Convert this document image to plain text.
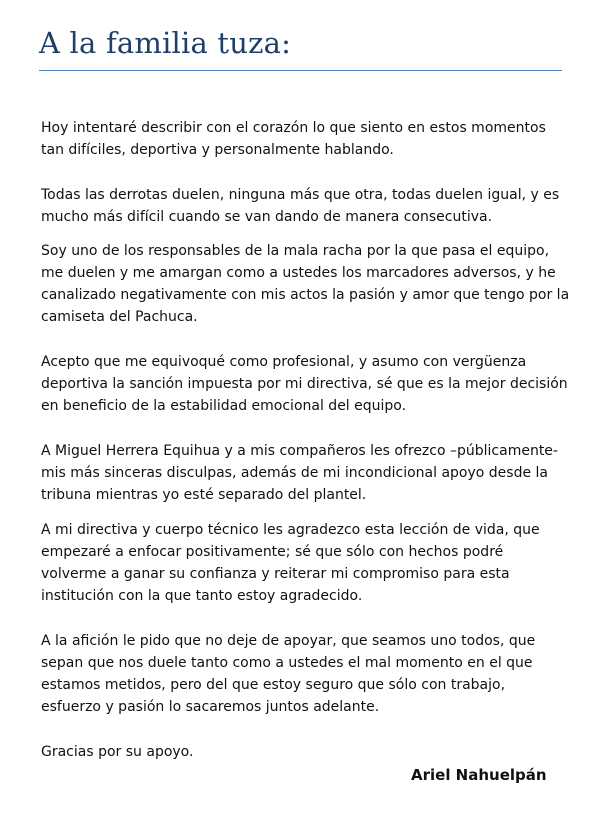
A la familia tuza:

Hoy intentaré describir con el corazón lo que siento en estos momentos
tan difíciles, deportiva y personalmente hablando.

Todas las derrotas duelen, ninguna más que otra, todas duelen igual, y es
mucho más difícil cuando se van dando de manera consecutiva.

Soy uno de los responsables de la mala racha por la que pasa el equipo,
me duelen y me amargan como a ustedes los marcadores adversos, y he
canalizado negativamente con mis actos la pasión y amor que tengo por la
camiseta del Pachuca.

Acepto que me equivoqué como profesional, y asumo con vergüenza
deportiva la sanción impuesta por mi directiva, sé que es la mejor decisión
en beneficio de la estabilidad emocional del equipo.

A Miguel Herrera Equihua y a mis compañeros les ofrezco –públicamente-
mis más sinceras disculpas, además de mi incondicional apoyo desde la
tribuna mientras yo esté separado del plantel.

A mi directiva y cuerpo técnico les agradezco esta lección de vida, que
empezaré a enfocar positivamente; sé que sólo con hechos podré
volverme a ganar su confianza y reiterar mi compromiso para esta
institución con la que tanto estoy agradecido.

A la afición le pido que no deje de apoyar, que seamos uno todos, que
sepan que nos duele tanto como a ustedes el mal momento en el que
estamos metidos, pero del que estoy seguro que sólo con trabajo,
esfuerzo y pasión lo sacaremos juntos adelante.

Gracias por su apoyo.

Ariel Nahuelpán
